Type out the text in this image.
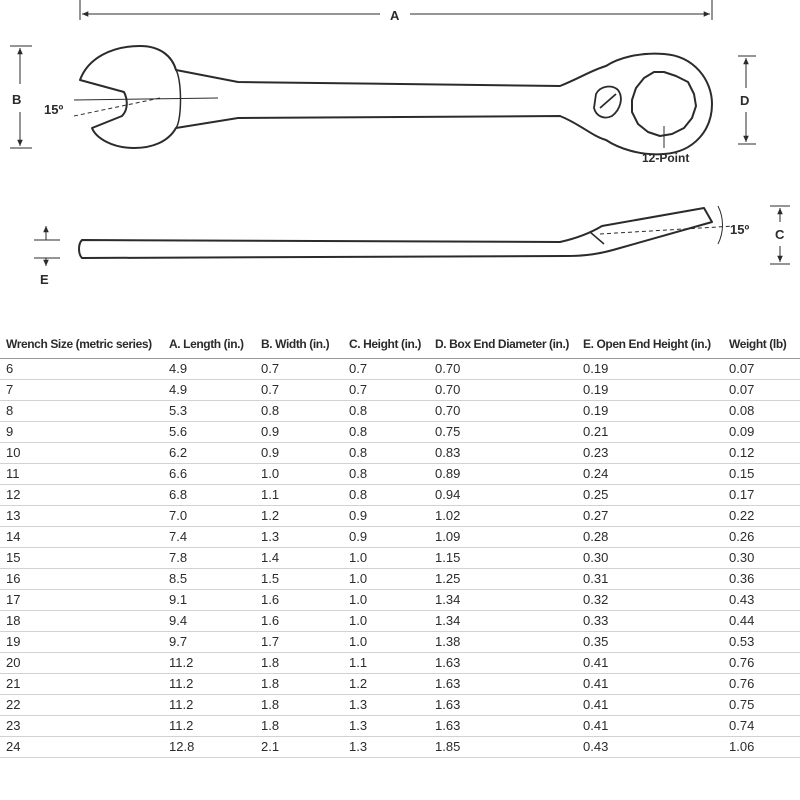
15º
A
B	D
12-Point
15º C
E
Wrench Size (metric series)	A. Length (in.)	B. Width (in.)	C. Height (in.)	D. Box End Diameter (in.)	E. Open End Height (in.)	Weight (lb)
6	4.9	0.7	0.7	0.70	0.19	0.07
7	4.9	0.7	0.7	0.70	0.19	0.07
8	5.3	0.8	0.8	0.70	0.19	0.08
9	5.6	0.9	0.8	0.75	0.21	0.09
10	6.2	0.9	0.8	0.83	0.23	0.12
11	6.6	1.0	0.8	0.89	0.24	0.15
12	6.8	1.1	0.8	0.94	0.25	0.17
13	7.0	1.2	0.9	1.02	0.27	0.22
14	7.4	1.3	0.9	1.09	0.28	0.26
15	7.8	1.4	1.0	1.15	0.30	0.30
16	8.5	1.5	1.0	1.25	0.31	0.36
17	9.1	1.6	1.0	1.34	0.32	0.43
18	9.4	1.6	1.0	1.34	0.33	0.44
19	9.7	1.7	1.0	1.38	0.35	0.53
20	11.2	1.8	1.1	1.63	0.41	0.76
21	11.2	1.8	1.2	1.63	0.41	0.76
22	11.2	1.8	1.3	1.63	0.41	0.75
23	11.2	1.8	1.3	1.63	0.41	0.74
24	12.8	2.1	1.3	1.85	0.43	1.06
